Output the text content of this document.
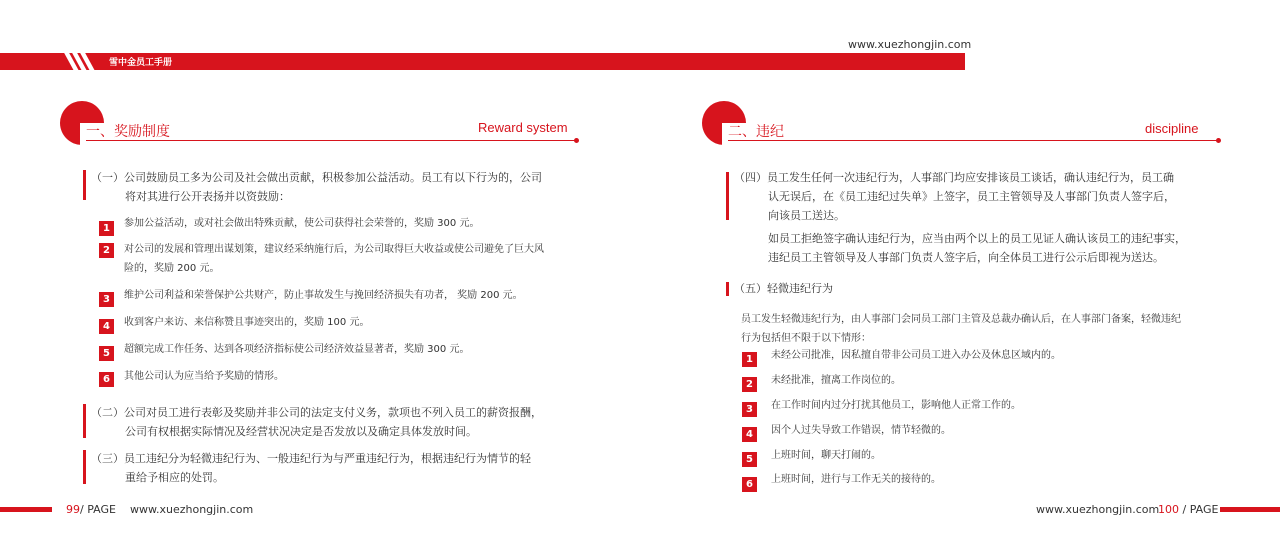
www.xuezhongjin.com
雪中金员工手册
一、奖励制度	Reward system
（一）公司鼓励员工多为公司及社会做出贡献，积极参加公益活动。员工有以下行为的，公司
将对其进行公开表扬并以资鼓励：
1	参加公益活动，或对社会做出特殊贡献，使公司获得社会荣誉的，奖励 300 元。
2	对公司的发展和管理出谋划策，建议经采纳施行后，为公司取得巨大收益或使公司避免了巨大风
险的，奖励 200 元。
3	维护公司利益和荣誉保护公共财产，防止事故发生与挽回经济损失有功者， 奖励 200 元。
4	收到客户来访、来信称赞且事迹突出的，奖励 100 元。
5	超额完成工作任务、达到各项经济指标使公司经济效益显著者，奖励 300 元。
6	其他公司认为应当给予奖励的情形。
（二）公司对员工进行表彰及奖励并非公司的法定支付义务，款项也不列入员工的薪资报酬，
公司有权根据实际情况及经营状况决定是否发放以及确定具体发放时间。
（三）员工违纪分为轻微违纪行为、一般违纪行为与严重违纪行为，根据违纪行为情节的轻
重给予相应的处罚。
99/ PAGE www.xuezhongjin.com
二、违纪	discipline
（四）员工发生任何一次违纪行为，人事部门均应安排该员工谈话，确认违纪行为，员工确
认无误后，在《员工违纪过失单》上签字，员工主管领导及人事部门负责人签字后，
向该员工送达。
如员工拒绝签字确认违纪行为，应当由两个以上的员工见证人确认该员工的违纪事实，
违纪员工主管领导及人事部门负责人签字后，向全体员工进行公示后即视为送达。
（五）轻微违纪行为
员工发生轻微违纪行为，由人事部门会同员工部门主管及总裁办确认后，在人事部门备案，轻微违纪
行为包括但不限于以下情形：
1	未经公司批准，因私擅自带非公司员工进入办公及休息区域内的。
2	未经批准，擅离工作岗位的。
3	在工作时间内过分打扰其他员工，影响他人正常工作的。
4	因个人过失导致工作错误，情节轻微的。
5	上班时间，聊天打闹的。
6	上班时间，进行与工作无关的接待的。
www.xuezhongjin.com
100 / PAGE
